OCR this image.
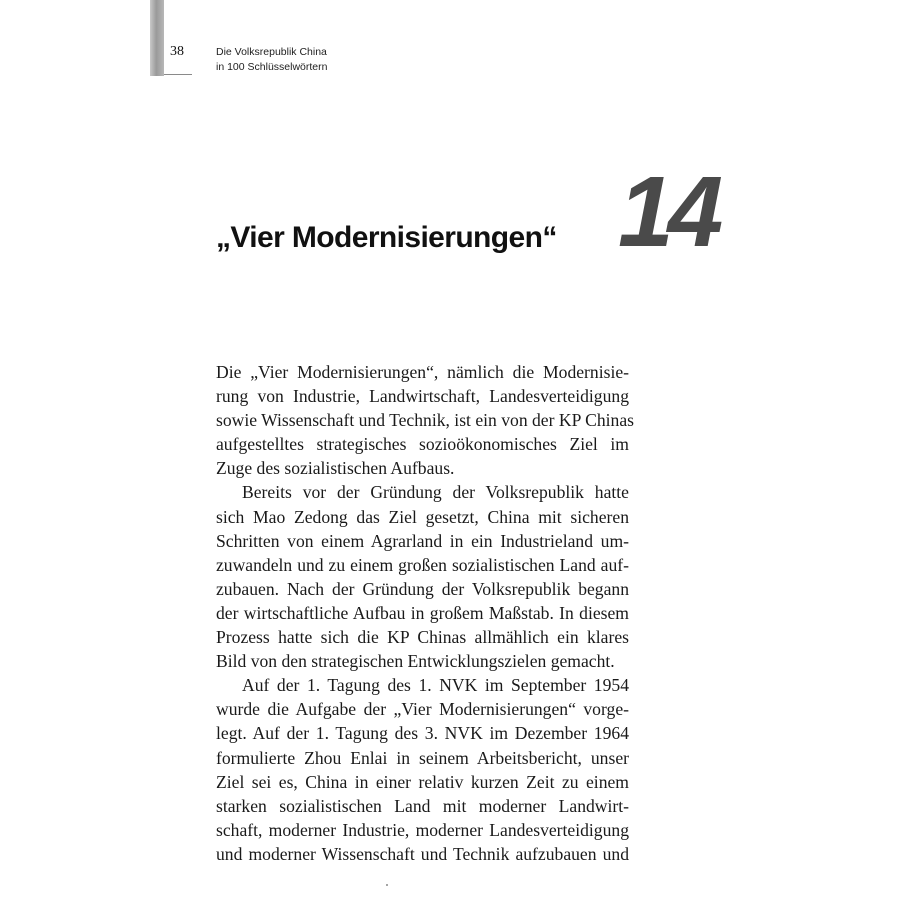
38	Die Volksrepublik China
in 100 Schlüsselwörtern
„Vier Modernisierungen“ 14
Die „Vier Modernisierungen“, nämlich die Modernisie-
rung von Industrie, Landwirtschaft, Landesverteidigung
sowie Wissenschaft und Technik, ist ein von der KP Chinas
aufgestelltes strategisches sozioökonomisches Ziel im
Zuge des sozialistischen Aufbaus.
Bereits vor der Gründung der Volksrepublik hatte
sich Mao Zedong das Ziel gesetzt, China mit sicheren
Schritten von einem Agrarland in ein Industrieland um-
zuwandeln und zu einem großen sozialistischen Land auf-
zubauen. Nach der Gründung der Volksrepublik begann
der wirtschaftliche Aufbau in großem Maßstab. In diesem
Prozess hatte sich die KP Chinas allmählich ein klares
Bild von den strategischen Entwicklungszielen gemacht.
Auf der 1. Tagung des 1. NVK im September 1954
wurde die Aufgabe der „Vier Modernisierungen“ vorge-
legt. Auf der 1. Tagung des 3. NVK im Dezember 1964
formulierte Zhou Enlai in seinem Arbeitsbericht, unser
Ziel sei es, China in einer relativ kurzen Zeit zu einem
starken sozialistischen Land mit moderner Landwirt-
schaft, moderner Industrie, moderner Landesverteidigung
und moderner Wissenschaft und Technik aufzubauen und
